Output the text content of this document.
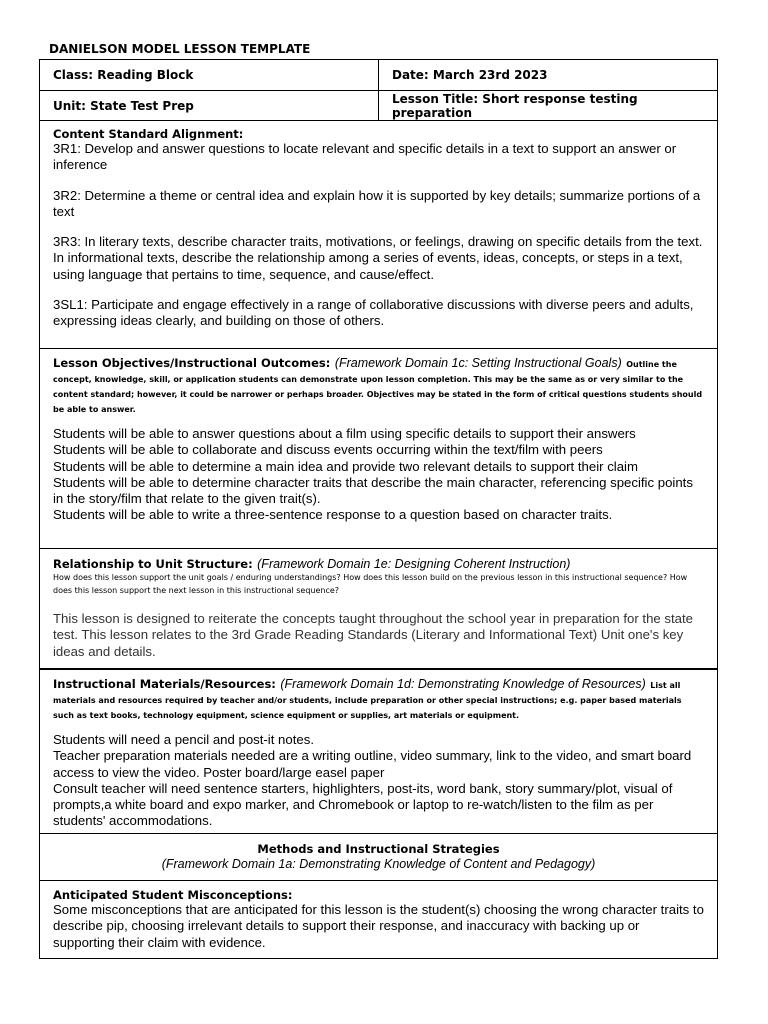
DANIELSON MODEL LESSON TEMPLATE
Class: Reading Block	Date: March 23rd 2023
Unit: State Test Prep	Lesson Title: Short response testing preparation
Content Standard Alignment:

3R1: Develop and answer questions to locate relevant and specific details in a text to support an answer or inference

3R2: Determine a theme or central idea and explain how it is supported by key details; summarize portions of a text

3R3: In literary texts, describe character traits, motivations, or feelings, drawing on specific details from the text. In informational texts, describe the relationship among a series of events, ideas, concepts, or steps in a text, using language that pertains to time, sequence, and cause/effect.

3SL1: Participate and engage effectively in a range of collaborative discussions with diverse peers and adults, expressing ideas clearly, and building on those of others.

Lesson Objectives/Instructional Outcomes: (Framework Domain 1c: Setting Instructional Goals) Outline the concept, knowledge, skill, or application students can demonstrate upon lesson completion. This may be the same as or very similar to the content standard; however, it could be narrower or perhaps broader. Objectives may be stated in the form of critical questions students should be able to answer.

Students will be able to answer questions about a film using specific details to support their answers

Students will be able to collaborate and discuss events occurring within the text/film with peers

Students will be able to determine a main idea and provide two relevant details to support their claim

Students will be able to determine character traits that describe the main character, referencing specific points in the story/film that relate to the given trait(s).

Students will be able to write a three-sentence response to a question based on character traits.

Relationship to Unit Structure: (Framework Domain 1e: Designing Coherent Instruction)
How does this lesson support the unit goals / enduring understandings? How does this lesson build on the previous lesson in this instructional sequence? How does this lesson support the next lesson in this instructional sequence?

This lesson is designed to reiterate the concepts taught throughout the school year in preparation for the state test. This lesson relates to the 3rd Grade Reading Standards (Literary and Informational Text) Unit one's key ideas and details.

Instructional Materials/Resources: (Framework Domain 1d: Demonstrating Knowledge of Resources) List all materials and resources required by teacher and/or students, include preparation or other special instructions; e.g. paper based materials such as text books, technology equipment, science equipment or supplies, art materials or equipment.

Students will need a pencil and post-it notes.

Teacher preparation materials needed are a writing outline, video summary, link to the video, and smart board access to view the video. Poster board/large easel paper

Consult teacher will need sentence starters, highlighters, post-its, word bank, story summary/plot, visual of prompts,a white board and expo marker, and Chromebook or laptop to re-watch/listen to the film as per students' accommodations.

Methods and Instructional Strategies
(Framework Domain 1a: Demonstrating Knowledge of Content and Pedagogy)
Anticipated Student Misconceptions:

Some misconceptions that are anticipated for this lesson is the student(s) choosing the wrong character traits to describe pip, choosing irrelevant details to support their response, and inaccuracy with backing up or supporting their claim with evidence.
